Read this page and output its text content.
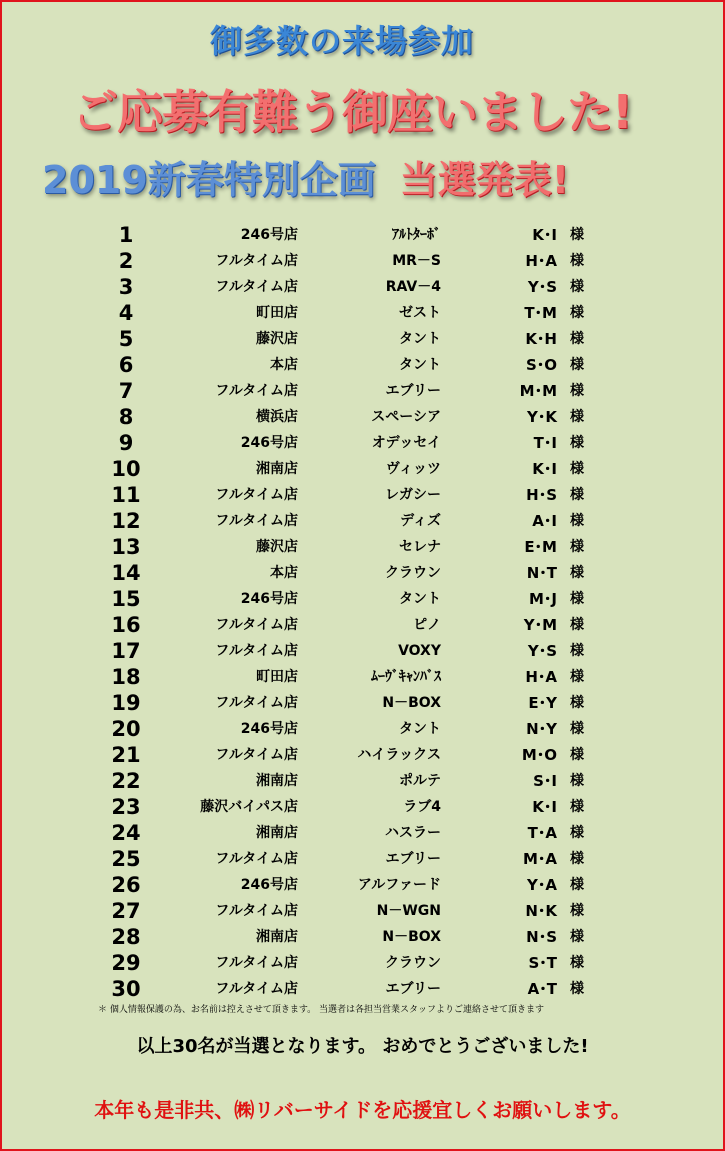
御多数の来場参加
ご応募有難う御座いました!
2019新春特別企画 当選発表!
1	246号店	ｱﾙﾄﾀｰﾎﾞ	K･I 様
2	フルタイム店	MR－S	H･A 様
3	フルタイム店	RAV－4	Y･S 様
4	町田店	ゼスト	T･M 様
5	藤沢店	タント	K･H 様
6	本店	タント	S･O 様
7	フルタイム店	エブリー	M･M 様
8	横浜店	スペーシア	Y･K 様
9	246号店	オデッセイ	T･I 様
10	湘南店	ヴィッツ	K･I 様
11	フルタイム店	レガシー	H･S 様
12	フルタイム店	ディズ	A･I 様
13	藤沢店	セレナ	E･M 様
14	本店	クラウン	N･T 様
15	246号店	タント	M･J 様
16	フルタイム店	ピノ	Y･M 様
17	フルタイム店	VOXY	Y･S 様
18	町田店	ﾑｰｳﾞｷｬﾝﾊﾞｽ	H･A 様
19	フルタイム店	N－BOX	E･Y 様
20	246号店	タント	N･Y 様
21	フルタイム店	ハイラックス	M･O 様
22	湘南店	ポルテ	S･I 様
23	藤沢バイパス店	ラブ4	K･I 様
24	湘南店	ハスラー	T･A 様
25	フルタイム店	エブリー	M･A 様
26	246号店	アルファード	Y･A 様
27	フルタイム店	N－WGN	N･K 様
28	湘南店	N－BOX	N･S 様
29	フルタイム店	クラウン	S･T 様
30	フルタイム店	エブリー	A･T 様
＊ 個人情報保護の為、お名前は控えさせて頂きます。 当選者は各担当営業スタッフよりご連絡させて頂きます
以上30名が当選となります。 おめでとうございました!
本年も是非共、㈱リバーサイドを応援宜しくお願いします。
